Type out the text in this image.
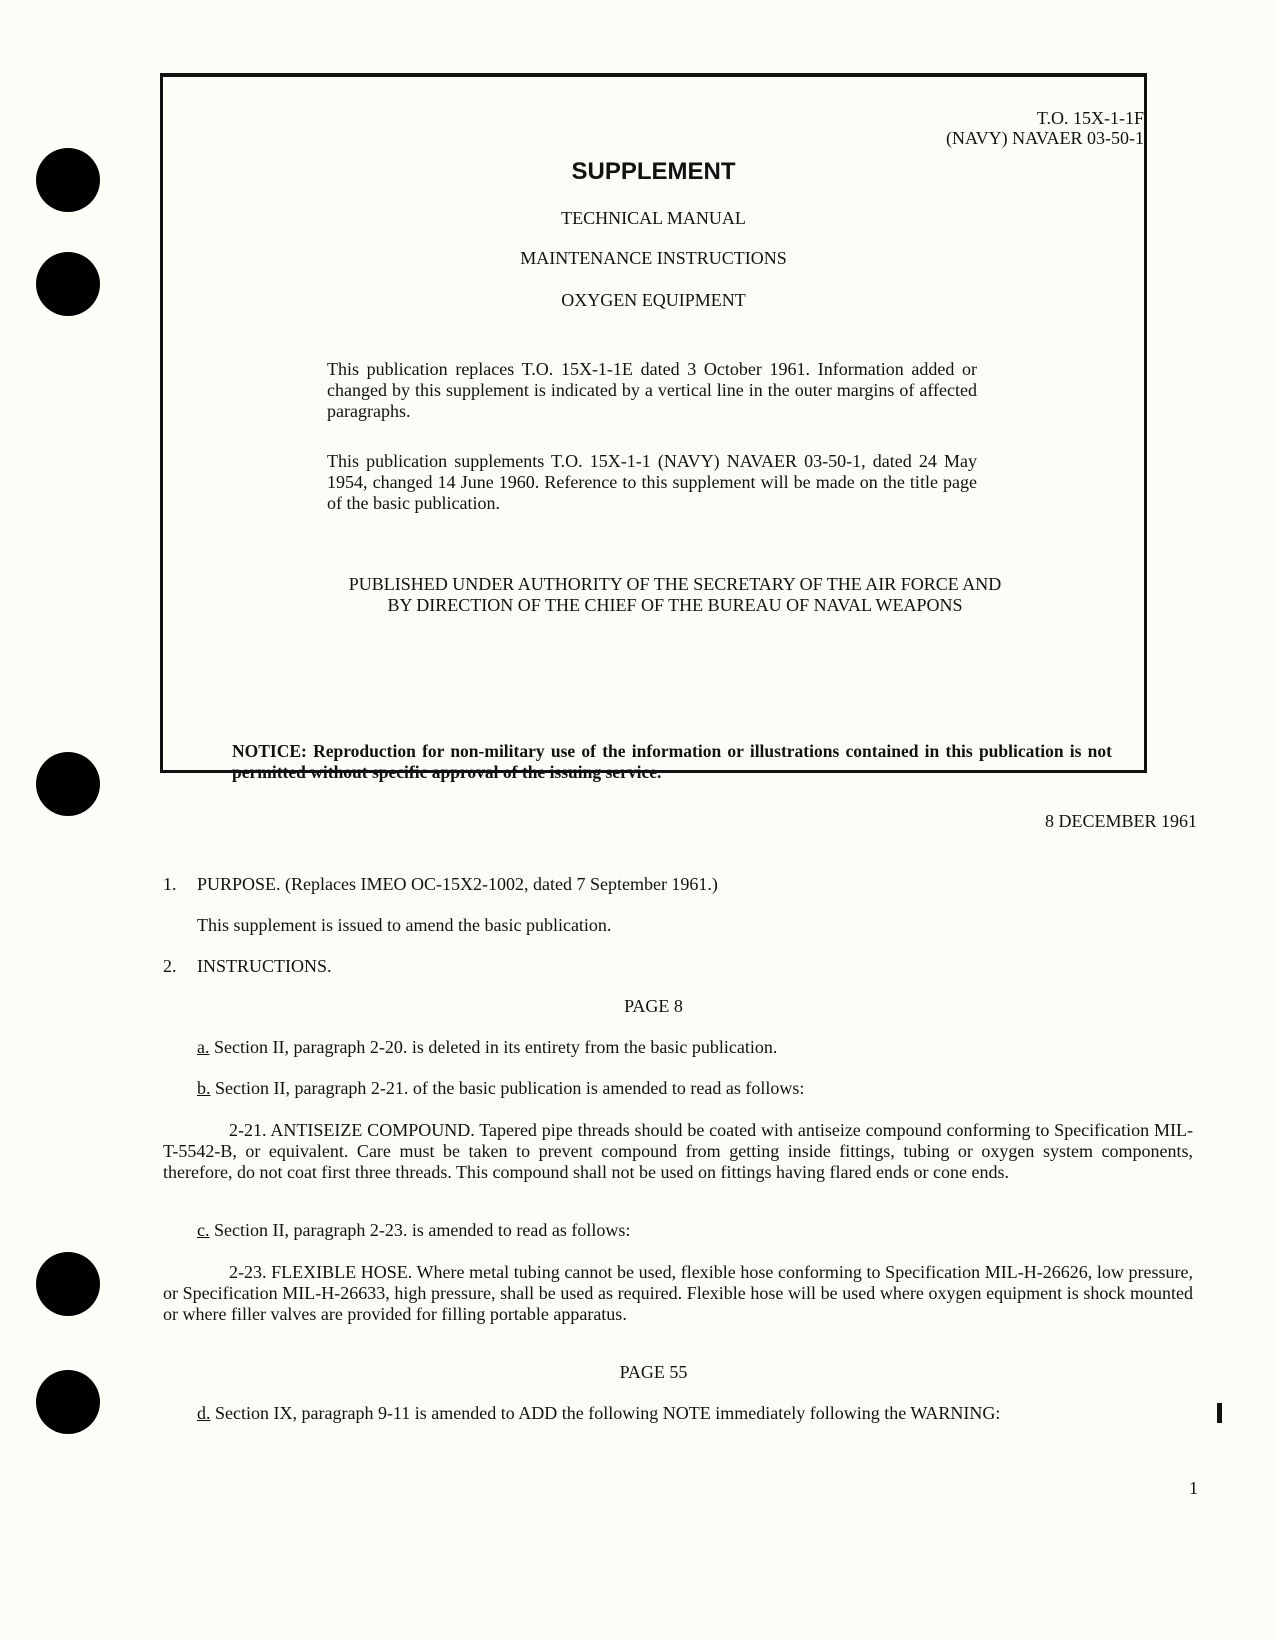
T.O. 15X-1-1F
(NAVY) NAVAER 03-50-1
SUPPLEMENT
TECHNICAL MANUAL
MAINTENANCE INSTRUCTIONS
OXYGEN EQUIPMENT
This publication replaces T.O. 15X-1-1E dated 3 October 1961. Information added or changed by this supplement is indicated by a vertical line in the outer margins of affected paragraphs.
This publication supplements T.O. 15X-1-1 (NAVY) NAVAER 03-50-1, dated 24 May 1954, changed 14 June 1960. Reference to this supplement will be made on the title page of the basic publication.
PUBLISHED UNDER AUTHORITY OF THE SECRETARY OF THE AIR FORCE AND BY DIRECTION OF THE CHIEF OF THE BUREAU OF NAVAL WEAPONS
NOTICE: Reproduction for non-military use of the information or illustrations contained in this publication is not permitted without specific approval of the issuing service.
8 DECEMBER 1961
1. PURPOSE. (Replaces IMEO OC-15X2-1002, dated 7 September 1961.)
This supplement is issued to amend the basic publication.
2. INSTRUCTIONS.
PAGE 8
a. Section II, paragraph 2-20. is deleted in its entirety from the basic publication.
b. Section II, paragraph 2-21. of the basic publication is amended to read as follows:
2-21. ANTISEIZE COMPOUND. Tapered pipe threads should be coated with antiseize compound conforming to Specification MIL-T-5542-B, or equivalent. Care must be taken to prevent compound from getting inside fittings, tubing or oxygen system components, therefore, do not coat first three threads. This compound shall not be used on fittings having flared ends or cone ends.
c. Section II, paragraph 2-23. is amended to read as follows:
2-23. FLEXIBLE HOSE. Where metal tubing cannot be used, flexible hose conforming to Specification MIL-H-26626, low pressure, or Specification MIL-H-26633, high pressure, shall be used as required. Flexible hose will be used where oxygen equipment is shock mounted or where filler valves are provided for filling portable apparatus.
PAGE 55
d. Section IX, paragraph 9-11 is amended to ADD the following NOTE immediately following the WARNING:
1
